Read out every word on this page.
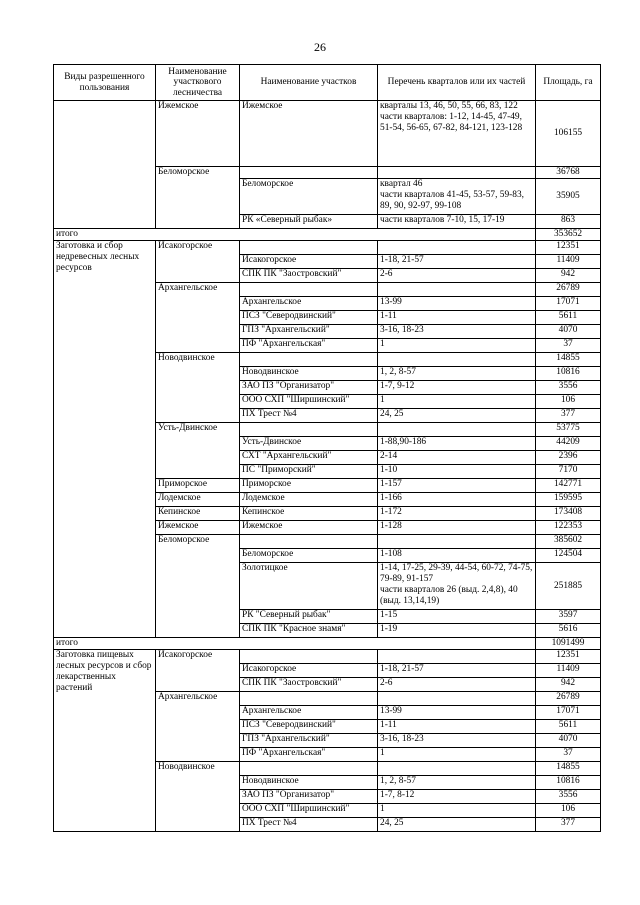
26
Виды разрешенного пользования	Наименование участкового лесничества	Наименование участков	Перечень кварталов или их частей	Площадь, га
	Ижемское	Ижемское	кварталы 13, 46, 50, 55, 66, 83, 122
части кварталов: 1-12, 14-45, 47-49, 51-54, 56-65, 67-82, 84-121, 123-128	106155
	Беломорское			36768
		Беломорское	квартал 46
части кварталов 41-45, 53-57, 59-83, 89, 90, 92-97, 99-108	35905
		РК «Северный рыбак»	части кварталов 7-10, 15, 17-19	863
итого				353652
Заготовка и сбор недревесных лесных ресурсов	Исакогорское			12351
		Исакогорское	1-18, 21-57	11409
		СПК ПК "Заостровский"	2-6	942
	Архангельское			26789
		Архангельское	13-99	17071
		ПСЗ "Северодвинский"	1-11	5611
		ГПЗ "Архангельский"	3-16, 18-23	4070
		ПФ "Архангельская"	1	37
	Новодвинское			14855
		Новодвинское	1, 2, 8-57	10816
		ЗАО ПЗ "Организатор"	1-7, 9-12	3556
		ООО СХП "Ширшинский"	1	106
		ПХ Трест №4	24, 25	377
	Усть-Двинское			53775
		Усть-Двинское	1-88,90-186	44209
		СХТ "Архангельский"	2-14	2396
		ПС "Приморский"	1-10	7170
	Приморское	Приморское	1-157	142771
	Лодемское	Лодемское	1-166	159595
	Кепинское	Кепинское	1-172	173408
	Ижемское	Ижемское	1-128	122353
	Беломорское			385602
		Беломорское	1-108	124504
		Золотицкое	1-14, 17-25, 29-39, 44-54, 60-72, 74-75, 79-89, 91-157
части кварталов 26 (выд. 2,4,8), 40 (выд. 13,14,19)	251885
		РК "Северный рыбак"	1-15	3597
		СПК ПК "Красное знамя"	1-19	5616
итого				1091499
Заготовка пищевых лесных ресурсов и сбор лекарственных растений	Исакогорское			12351
		Исакогорское	1-18, 21-57	11409
		СПК ПК "Заостровский"	2-6	942
	Архангельское			26789
		Архангельское	13-99	17071
		ПСЗ "Северодвинский"	1-11	5611
		ГПЗ "Архангельский"	3-16, 18-23	4070
		ПФ "Архангельская"	1	37
	Новодвинское			14855
		Новодвинское	1, 2, 8-57	10816
		ЗАО ПЗ "Организатор"	1-7, 8-12	3556
		ООО СХП "Ширшинский"	1	106
		ПХ Трест №4	24, 25	377
